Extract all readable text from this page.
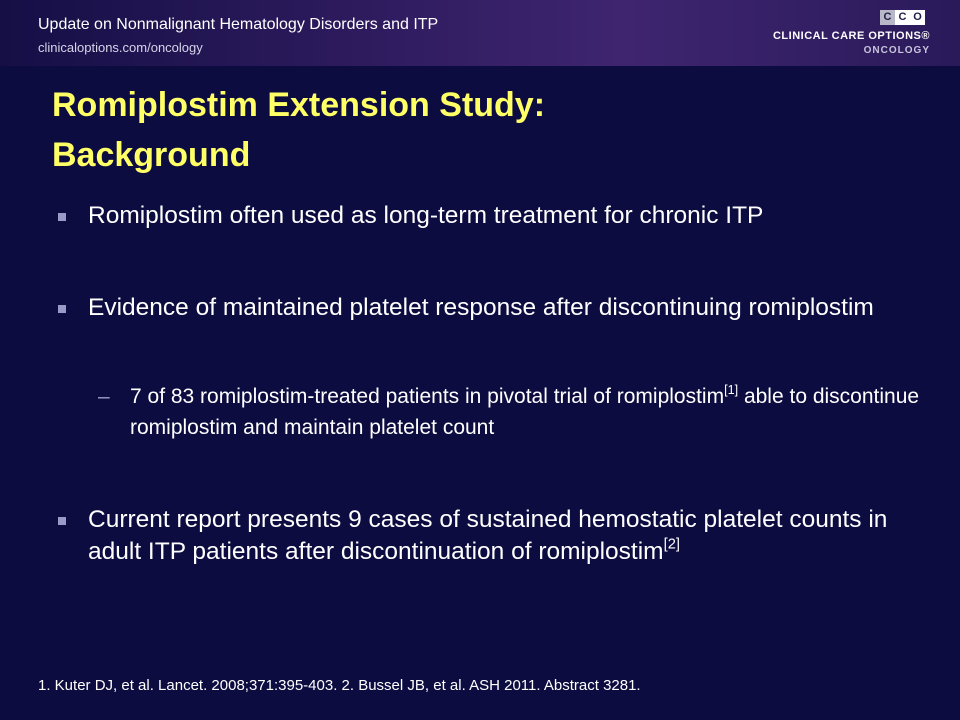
Update on Nonmalignant Hematology Disorders and ITP
clinicaloptions.com/oncology
C C O
CLINICAL CARE OPTIONS®
ONCOLOGY
Romiplostim Extension Study:
Background
Romiplostim often used as long-term treatment for chronic ITP
Evidence of maintained platelet response after discontinuing romiplostim
– 7 of 83 romiplostim-treated patients in pivotal trial of romiplostim[1] able to discontinue romiplostim and maintain platelet count
Current report presents 9 cases of sustained hemostatic platelet counts in adult ITP patients after discontinuation of romiplostim[2]
1. Kuter DJ, et al. Lancet. 2008;371:395-403. 2. Bussel JB, et al. ASH 2011. Abstract 3281.
